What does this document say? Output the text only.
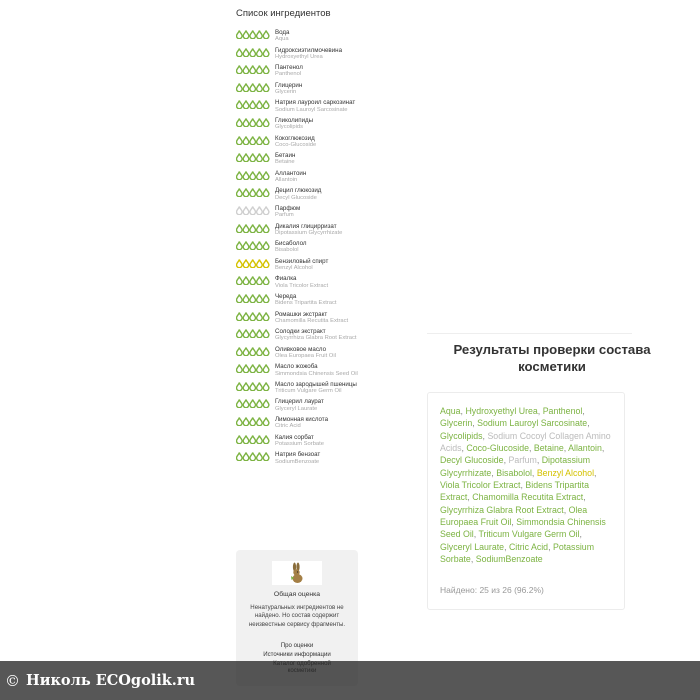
Список ингредиентов
Вода
Aqua
Гидроксиэтилмочевина
Hydroxyethyl Urea
Пантенол
Panthenol
Глицерин
Glycerin
Натрия лауроил саркозинат
Sodium Lauroyl Sarcosinate
Гликолипиды
Glycolipids
Кокоглюкозид
Coco-Glucoside
Бетаин
Betaine
Аллантоин
Allantoin
Децил глюкозид
Decyl Glucoside
Парфюм
Parfum
Дикалия глицирризат
Dipotassium Glycyrrhizate
Бисаболол
Bisabolol
Бензиловый спирт
Benzyl Alcohol
Фиалка
Viola Tricolor Extract
Череда
Bidens Tripartita Extract
Ромашки экстракт
Chamomilla Recutita Extract
Солодки экстракт
Glycyrrhiza Glabra Root Extract
Оливковое масло
Olea Europaea Fruit Oil
Масло жожоба
Simmondsia Chinensis Seed Oil
Масло зародышей пшеницы
Triticum Vulgare Germ Oil
Глицерил лаурат
Glyceryl Laurate
Лимонная кислота
Citric Acid
Калия сорбат
Potassium Sorbate
Натрия бензоат
SodiumBenzoate
Общая оценка
Ненатуральных ингредиентов не найдено. Но состав содержит неизвестные сервису фрагменты.
Про оценки
Источники информации
Результаты проверки состава косметики
Aqua, Hydroxyethyl Urea, Panthenol, Glycerin, Sodium Lauroyl Sarcosinate, Glycolipids, Sodium Cocoyl Collagen Amino Acids, Coco-Glucoside, Betaine, Allantoin, Decyl Glucoside, Parfum, Dipotassium Glycyrrhizate, Bisabolol, Benzyl Alcohol, Viola Tricolor Extract, Bidens Tripartita Extract, Chamomilla Recutita Extract, Glycyrrhiza Glabra Root Extract, Olea Europaea Fruit Oil, Simmondsia Chinensis Seed Oil, Triticum Vulgare Germ Oil, Glyceryl Laurate, Citric Acid, Potassium Sorbate, SodiumBenzoate
Найдено: 25 из 26 (96.2%)
© Николь ECOgolik.ru
